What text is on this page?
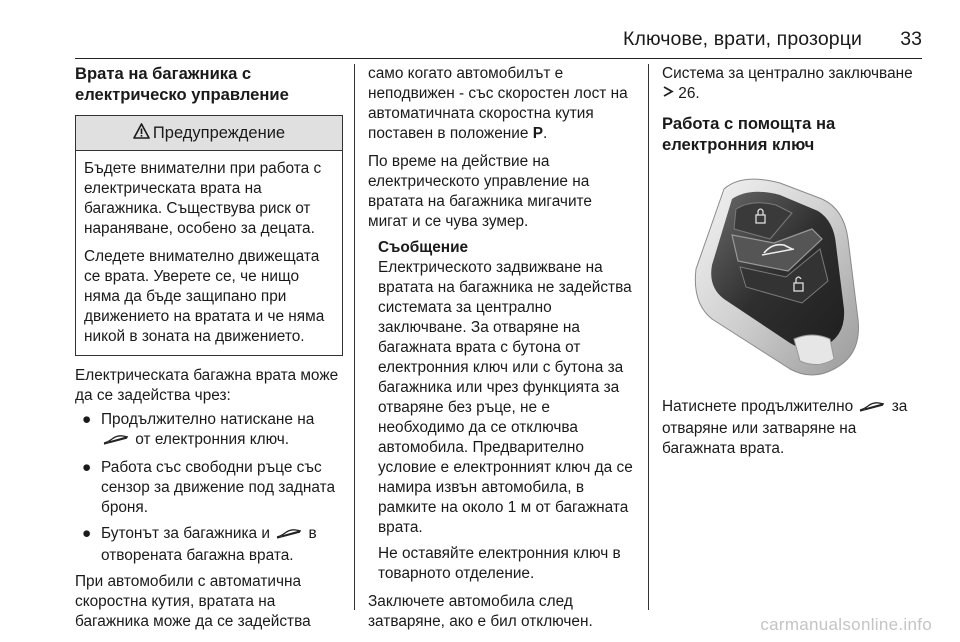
Ключове, врати, прозорци 33

Врата на багажника с електрическо управление

Предупреждение

Бъдете внимателни при работа с електрическата врата на багажника. Съществува риск от нараняване, особено за децата.

Следете внимателно движещата се врата. Уверете се, че нищо няма да бъде защипано при движението на вратата и че няма никой в зоната на движението.

Електрическата багажна врата може да се задейства чрез:

● Продължително натискане на  от електронния ключ.
● Работа със свободни ръце със сензор за движение под задната броня.
● Бутонът за багажника и	в отворената багажна врата.

При автомобили с автоматична скоростна кутия, вратата на багажника може да се задейства

само когато автомобилът е неподвижен - със скоростен лост на автоматичната скоростна кутия поставен в положение P.

По време на действие на електрическото управление на вратата на багажника мигачите мигат и се чува зумер.

Съобщение

Електрическото задвижване на вратата на багажника не задейства системата за централно заключване. За отваряне на багажната врата с бутона от електронния ключ или с бутона за багажника или чрез функцията за отваряне без ръце, не е необходимо да се отключва автомобила. Предварително условие е електронният ключ да се намира извън автомобила, в рамките на около 1 м от багажната врата.

Не оставяйте електронния ключ в товарното отделение.

Заключете автомобила след затваряне, ако е бил отключен.

Система за централно заключване  26.

Работа с помощта на електронния ключ

Натиснете продължително	за отваряне или затваряне на багажната врата.

carmanualsonline.info
